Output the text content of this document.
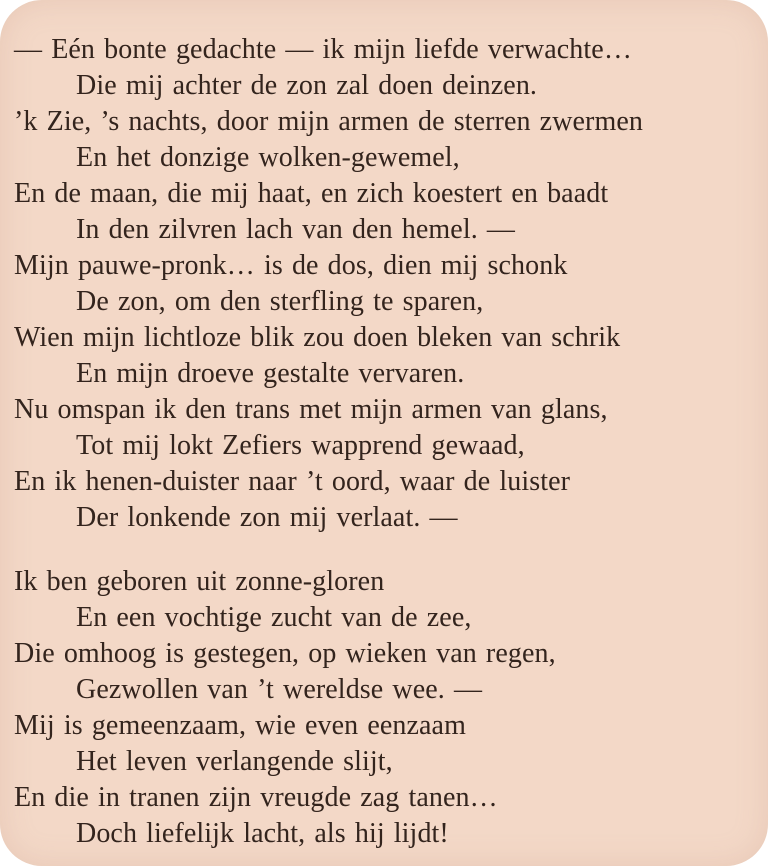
— Eén bonte gedachte — ik mijn liefde verwachte…
Die mij achter de zon zal doen deinzen.
’k Zie, ’s nachts, door mijn armen de sterren zwermen
En het donzige wolken-gewemel,
En de maan, die mij haat, en zich koestert en baadt
In den zilvren lach van den hemel. —
Mijn pauwe-pronk… is de dos, dien mij schonk
De zon, om den sterfling te sparen,
Wien mijn lichtloze blik zou doen bleken van schrik
En mijn droeve gestalte vervaren.
Nu omspan ik den trans met mijn armen van glans,
Tot mij lokt Zefiers wapprend gewaad,
En ik henen-duister naar ’t oord, waar de luister
Der lonkende zon mij verlaat. —
Ik ben geboren uit zonne-gloren
En een vochtige zucht van de zee,
Die omhoog is gestegen, op wieken van regen,
Gezwollen van ’t wereldse wee. —
Mij is gemeenzaam, wie even eenzaam
Het leven verlangende slijt,
En die in tranen zijn vreugde zag tanen…
Doch liefelijk lacht, als hij lijdt!
